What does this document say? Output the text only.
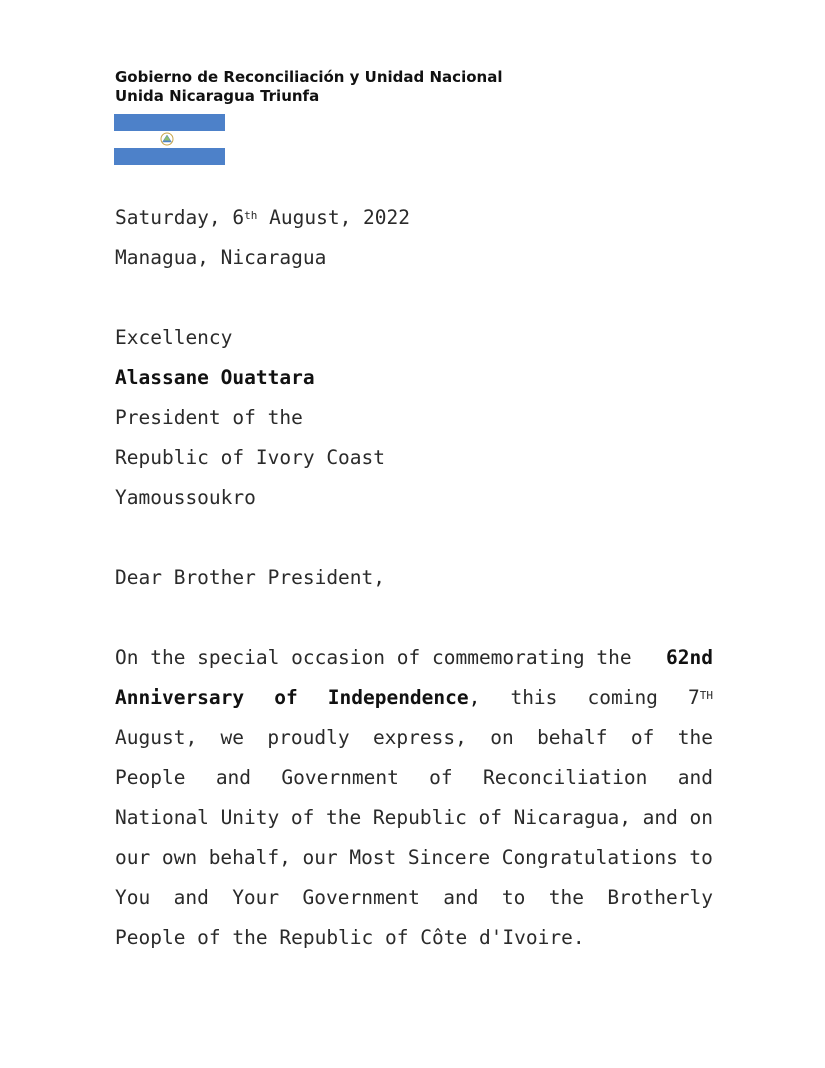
Gobierno de Reconciliación y Unidad Nacional
Unida Nicaragua Triunfa
Saturday, 6th August, 2022
Managua, Nicaragua
Excellency
Alassane Ouattara
President of the
Republic of Ivory Coast
Yamoussoukro
Dear Brother President,
On the special occasion of commemorating the 62nd
Anniversary of Independence, this coming 7TH
August, we proudly express, on behalf of the
People and Government of Reconciliation and
National Unity of the Republic of Nicaragua, and on
our own behalf, our Most Sincere Congratulations to
You and Your Government and to the Brotherly
People of the Republic of Côte d'Ivoire.
